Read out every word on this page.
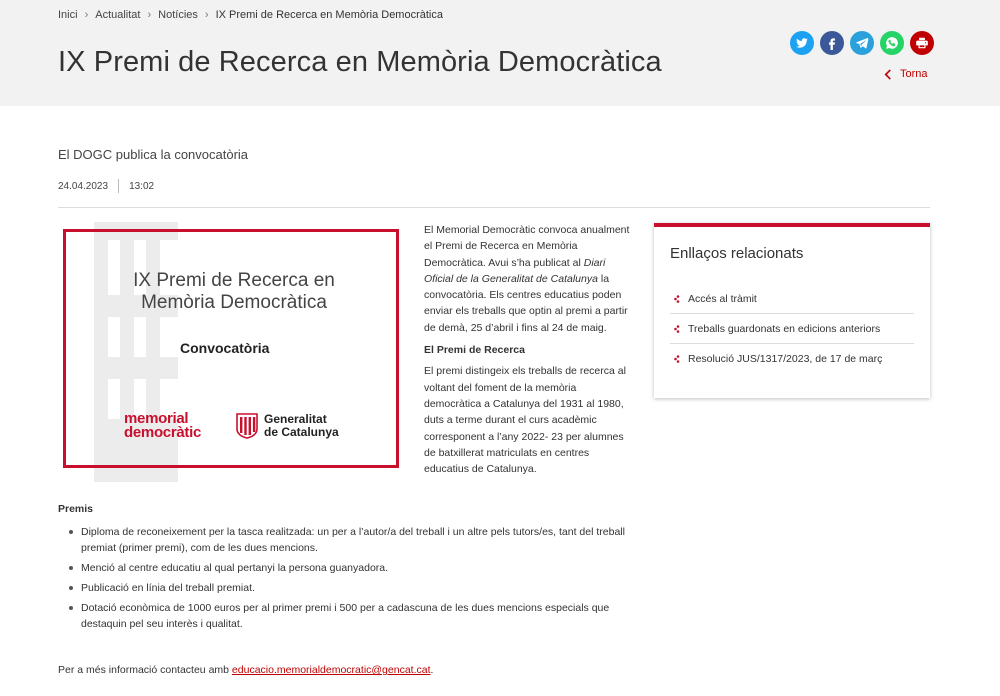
Inici › Actualitat › Notícies › IX Premi de Recerca en Memòria Democràtica
IX Premi de Recerca en Memòria Democràtica	Torna
El DOGC publica la convocatòria
24.04.2023 13:02
IX Premi de Recerca en
Memòria Democràtica
Convocatòria
memorial
democràtic
Generalitat
de Catalunya

El Memorial Democràtic convoca anualment el Premi de Recerca en Memòria Democràtica. Avui s’ha publicat al Diari Oficial de la Generalitat de Catalunya la convocatòria. Els centres educatius poden enviar els treballs que optin al premi a partir de demà, 25 d’abril i fins al 24 de maig.

El Premi de Recerca

El premi distingeix els treballs de recerca al voltant del foment de la memòria democràtica a Catalunya del 1931 al 1980, duts a terme durant el curs acadèmic corresponent a l’any 2022- 23 per alumnes de batxillerat matriculats en centres educatius de Catalunya.

Enllaços relacionats
Accés al tràmit
Treballs guardonats en edicions anteriors
Resolució JUS/1317/2023, de 17 de març
Premis
Diploma de reconeixement per la tasca realitzada: un per a l’autor/a del treball i un altre pels tutors/es, tant del treball premiat (primer premi), com de les dues mencions.
Menció al centre educatiu al qual pertanyi la persona guanyadora.
Publicació en línia del treball premiat.
Dotació econòmica de 1000 euros per al primer premi i 500 per a cadascuna de les dues mencions especials que destaquin pel seu interès i qualitat.
Per a més informació contacteu amb educacio.memorialdemocratic@gencat.cat.
